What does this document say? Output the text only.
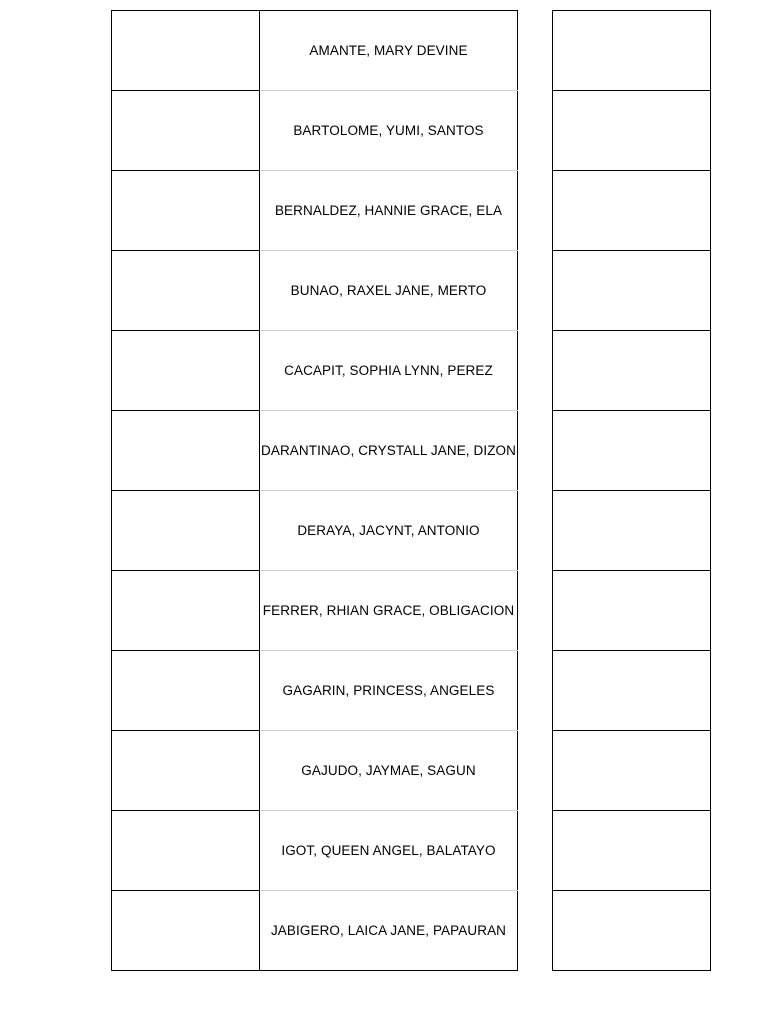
	AMANTE, MARY DEVINE
	BARTOLOME, YUMI, SANTOS
	BERNALDEZ, HANNIE GRACE, ELA
	BUNAO, RAXEL JANE, MERTO
	CACAPIT, SOPHIA LYNN, PEREZ
	DARANTINAO, CRYSTALL JANE, DIZON
	DERAYA, JACYNT, ANTONIO
	FERRER, RHIAN GRACE, OBLIGACION
	GAGARIN, PRINCESS, ANGELES
	GAJUDO, JAYMAE, SAGUN
	IGOT, QUEEN ANGEL, BALATAYO
	JABIGERO, LAICA JANE, PAPAURAN
